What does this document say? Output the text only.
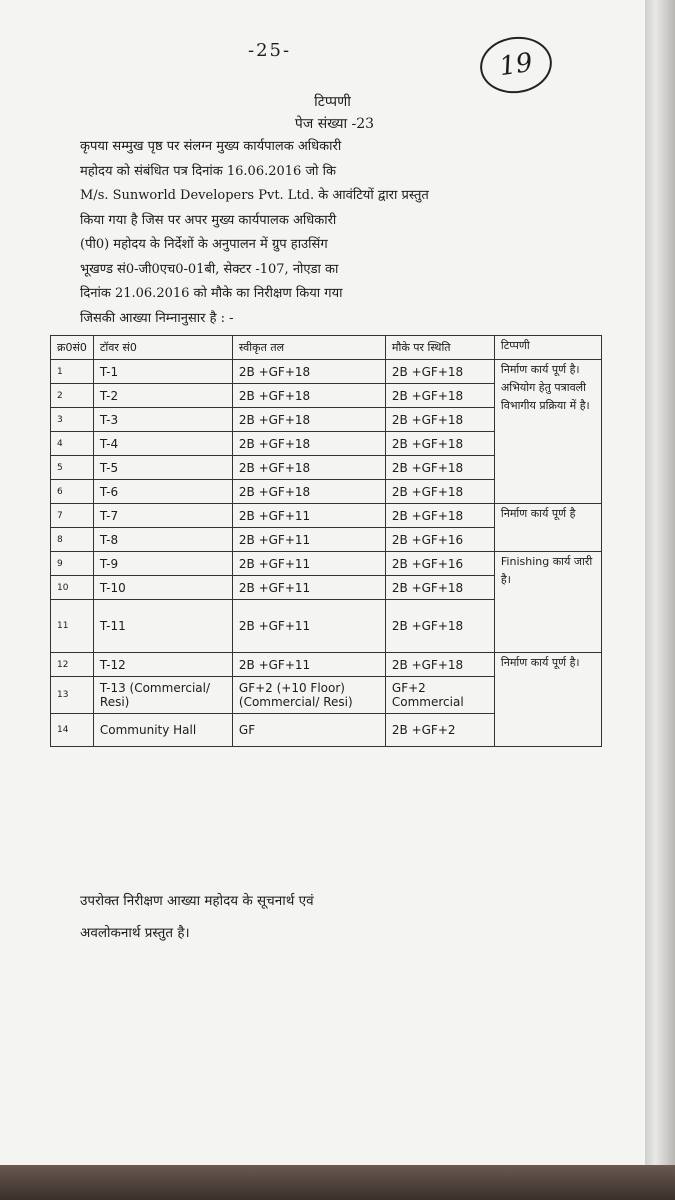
-25-	19
टिप्पणी
पेज संख्या -23
कृपया सम्मुख पृष्ठ पर संलग्न मुख्य कार्यपालक अधिकारी
महोदय को संबंधित पत्र दिनांक 16.06.2016 जो कि
M/s. Sunworld Developers Pvt. Ltd. के आवंटियों द्वारा प्रस्तुत
किया गया है जिस पर अपर मुख्य कार्यपालक अधिकारी
(पी0) महोदय के निर्देशों के अनुपालन में ग्रुप हाउसिंग
भूखण्ड सं0-जी0एच0-01बी, सेक्टर -107, नोएडा का
दिनांक 21.06.2016 को मौके का निरीक्षण किया गया
जिसकी आख्या निम्नानुसार है : -
क्र0सं0	टॉवर सं0	स्वीकृत तल	मौके पर स्थिति	टिप्पणी
1	T-1	2B +GF+18	2B +GF+18	निर्माण कार्य पूर्ण है। अभियोग हेतु पत्रावली विभागीय प्रक्रिया में है।
2	T-2	2B +GF+18	2B +GF+18	
3	T-3	2B +GF+18	2B +GF+18	
4	T-4	2B +GF+18	2B +GF+18	
5	T-5	2B +GF+18	2B +GF+18	
6	T-6	2B +GF+18	2B +GF+18	
7	T-7	2B +GF+11	2B +GF+18	निर्माण कार्य पूर्ण है
8	T-8	2B +GF+11	2B +GF+16	
9	T-9	2B +GF+11	2B +GF+16	Finishing कार्य जारी है।
10	T-10	2B +GF+11	2B +GF+18	
11	T-11	2B +GF+11	2B +GF+18	
12	T-12	2B +GF+11	2B +GF+18	निर्माण कार्य पूर्ण है।
13	T-13 (Commercial/ Resi)	GF+2 (+10 Floor) (Commercial/ Resi)	GF+2 Commercial	
14	Community Hall	GF	2B +GF+2	
उपरोक्त निरीक्षण आख्या महोदय के सूचनार्थ एवं
अवलोकनार्थ प्रस्तुत है।
